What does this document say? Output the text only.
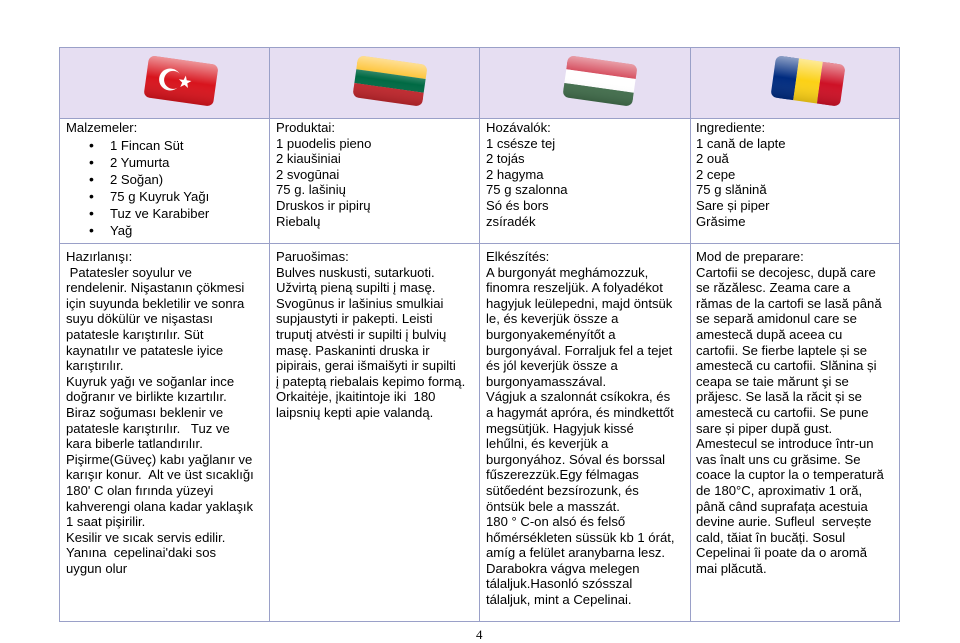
Malzemeler:
• 1 Fincan Süt
• 2 Yumurta
• 2 Soğan)
• 75 g Kuyruk Yağı
• Tuz ve Karabiber
• Yağ
Hazırlanışı:
Patatesler soyulur ve
rendelenir. Nişastanın çökmesi
için suyunda bekletilir ve sonra
suyu dökülür ve nişastası
patatesle karıştırılır. Süt
kaynatılır ve patatesle iyice
karıştırılır.
Kuyruk yağı ve soğanlar ince
doğranır ve birlikte kızartılır.
Biraz soğuması beklenir ve
patatesle karıştırılır.   Tuz ve
kara biberle tatlandırılır.
Pişirme(Güveç) kabı yağlanır ve
karışır konur.  Alt ve üst sıcaklığı
180' C olan fırında yüzeyi
kahverengi olana kadar yaklaşık
1 saat pişirilir.
Kesilir ve sıcak servis edilir.
Yanına  cepelinai'daki sos
uygun olur
Produktai:
1 puodelis pieno
2 kiaušiniai
2 svogūnai
75 g. lašinių
Druskos ir pipirų
Riebalų
Paruošimas:
Bulves nuskusti, sutarkuoti.
Užvirtą pieną supilti į masę.
Svogūnus ir lašinius smulkiai
supjaustyti ir pakepti. Leisti
truputį atvėsti ir supilti į bulvių
masę. Paskaninti druska ir
pipirais, gerai išmaišyti ir supilti
į pateptą riebalais kepimo formą.
Orkaitėje, įkaitintoje iki  180
laipsnių kepti apie valandą.
Hozávalók:
1 csésze tej
2 tojás
2 hagyma
75 g szalonna
Só és bors
zsíradék
Elkészítés:
A burgonyát meghámozzuk,
finomra reszeljük. A folyadékot
hagyjuk leülepedni, majd öntsük
le, és keverjük össze a
burgonyakeményítőt a
burgonyával. Forraljuk fel a tejet
és jól keverjük össze a
burgonyamasszával.
Vágjuk a szalonnát csíkokra, és
a hagymát apróra, és mindkettőt
megsütjük. Hagyjuk kissé
lehűlni, és keverjük a
burgonyához. Sóval és borssal
fűszerezzük.Egy félmagas
sütőedént bezsírozunk, és
öntsük bele a masszát.
180 ° C-on alsó és felső
hőmérsékleten süssük kb 1 órát,
amíg a felület aranybarna lesz.
Darabokra vágva melegen
tálaljuk.Hasonló szósszal
tálaljuk, mint a Cepelinai.
Ingrediente:
1 cană de lapte
2 ouă
2 cepe
75 g slănină
Sare și piper
Grăsime
Mod de preparare:
Cartofii se decojesc, după care
se răzălesc. Zeama care a
rămas de la cartofi se lasă până
se separă amidonul care se
amestecă după aceea cu
cartofii. Se fierbe laptele și se
amestecă cu cartofii. Slănina și
ceapa se taie mărunt şi se
prăjesc. Se lasă la răcit și se
amestecă cu cartofii. Se pune
sare și piper după gust.
Amestecul se introduce într-un
vas înalt uns cu grăsime. Se
coace la cuptor la o temperatură
de 180°C, aproximativ 1 oră,
până când suprafața acestuia
devine aurie. Sufleul  servește
cald, tăiat în bucăți. Sosul
Cepelinai îi poate da o aromă
mai plăcută.
4
